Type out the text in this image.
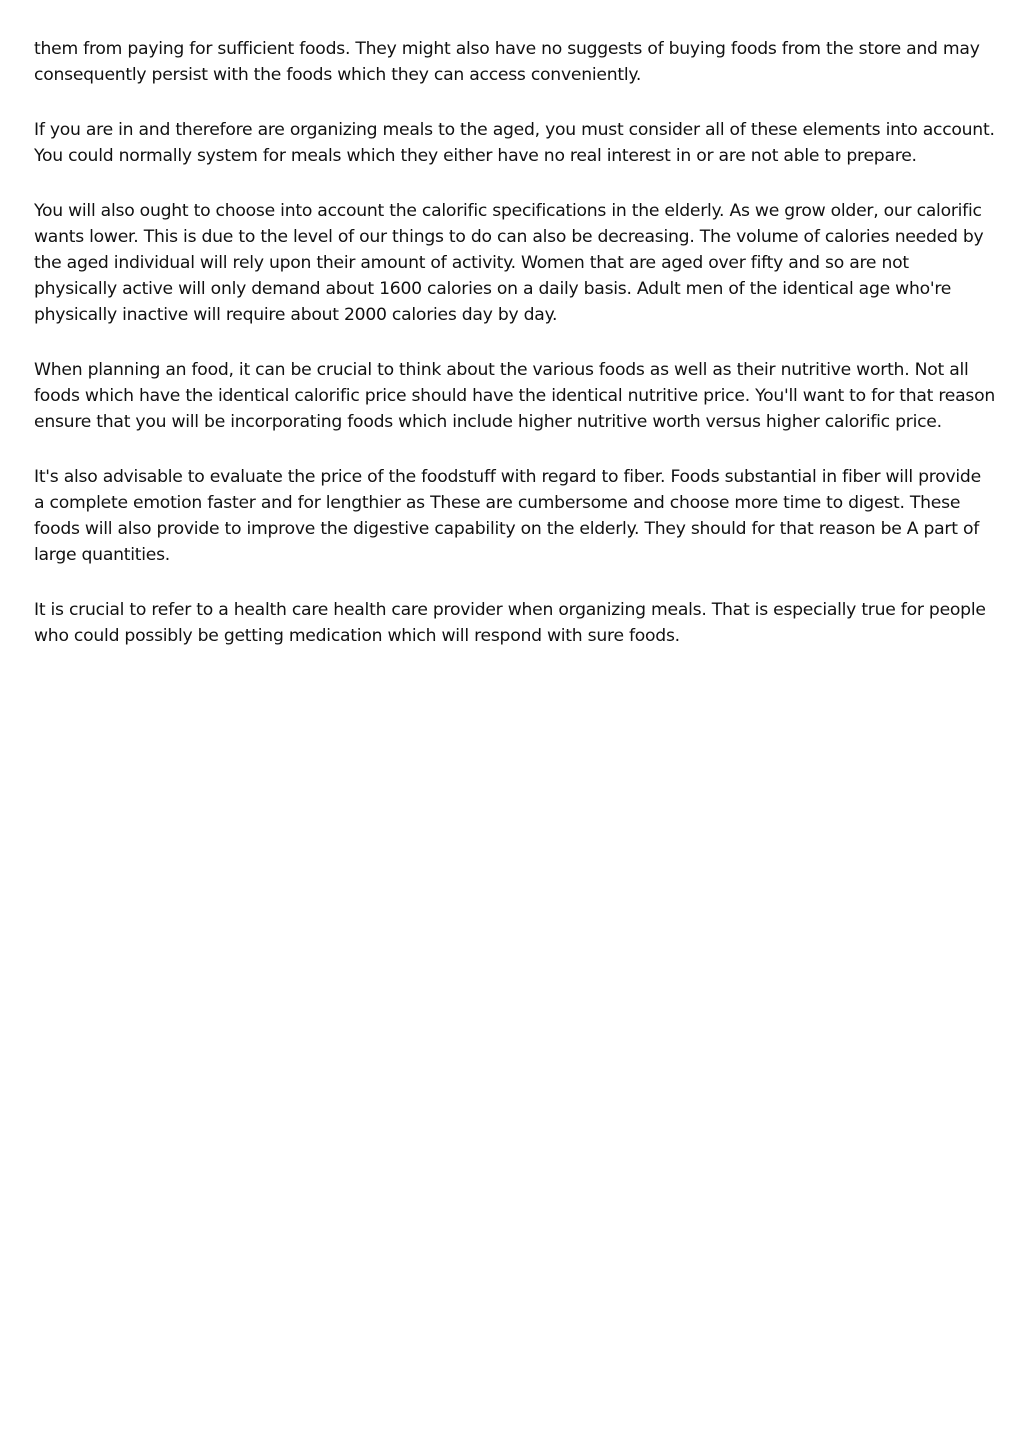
them from paying for sufficient foods. They might also have no suggests of buying foods from the store and may consequently persist with the foods which they can access conveniently.

If you are in and therefore are organizing meals to the aged, you must consider all of these elements into account. You could normally system for meals which they either have no real interest in or are not able to prepare.

You will also ought to choose into account the calorific specifications in the elderly. As we grow older, our calorific wants lower. This is due to the level of our things to do can also be decreasing. The volume of calories needed by the aged individual will rely upon their amount of activity. Women that are aged over fifty and so are not physically active will only demand about 1600 calories on a daily basis. Adult men of the identical age who're physically inactive will require about 2000 calories day by day.

When planning an food, it can be crucial to think about the various foods as well as their nutritive worth. Not all foods which have the identical calorific price should have the identical nutritive price. You'll want to for that reason ensure that you will be incorporating foods which include higher nutritive worth versus higher calorific price.

It's also advisable to evaluate the price of the foodstuff with regard to fiber. Foods substantial in fiber will provide a complete emotion faster and for lengthier as These are cumbersome and choose more time to digest. These foods will also provide to improve the digestive capability on the elderly. They should for that reason be A part of large quantities.

It is crucial to refer to a health care health care provider when organizing meals. That is especially true for people who could possibly be getting medication which will respond with sure foods.
